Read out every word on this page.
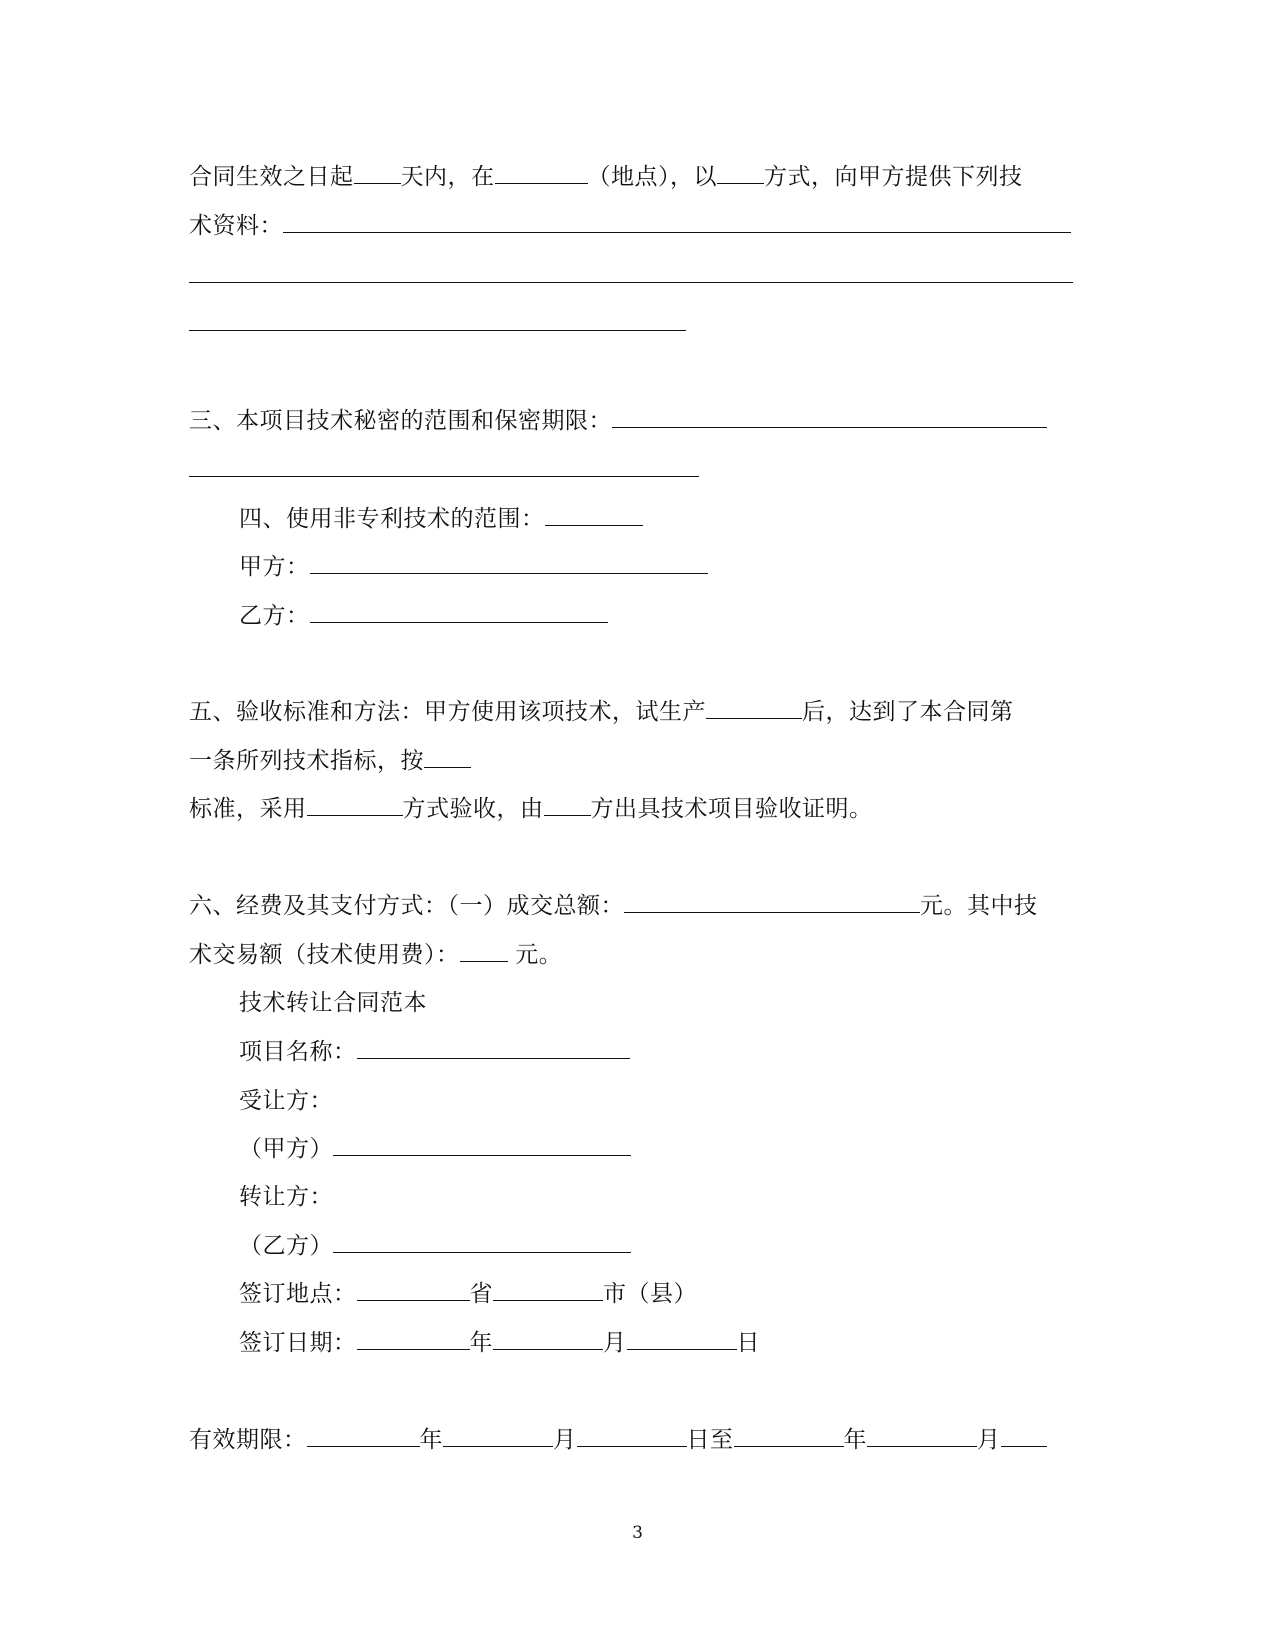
合同生效之日起 天内，在	（地点），以 方式，向甲方提供下列技
术资料：
三、本项目技术秘密的范围和保密期限：
四、使用非专利技术的范围：
甲方：
乙方：
五、验收标准和方法：甲方使用该项技术，试生产	后，达到了本合同第
一条所列技术指标，按
标准，采用	方式验收，由 方出具技术项目验收证明。
六、经费及其支付方式：（一）成交总额：	元。其中技
术交易额（技术使用费）： 元。
技术转让合同范本
项目名称：
受让方：
（甲方）
转让方：
（乙方）
签订地点：	省	市（县）
签订日期：	年	月	日
有效期限：	年	月	日至	年	月
3
